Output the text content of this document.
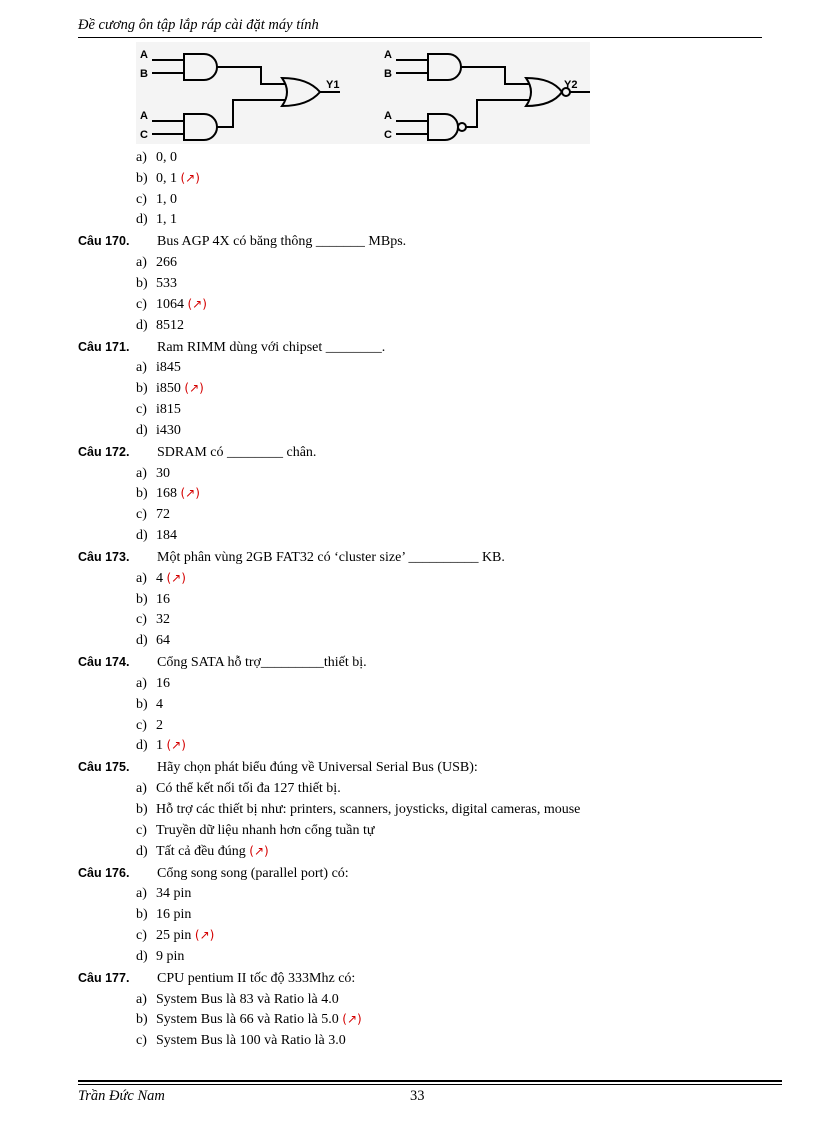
Đề cương ôn tập lắp ráp cài đặt máy tính
A
B
A
C
Y1
A
B
A
C
Y2
a) 0, 0
b) 0, 1 (↗)
c) 1, 0
d) 1, 1
Câu 170. Bus AGP 4X có băng thông _______ MBps.
a) 266
b) 533
c) 1064 (↗)
d) 8512
Câu 171. Ram RIMM dùng với chipset ________.
a) i845
b) i850 (↗)
c) i815
d) i430
Câu 172. SDRAM có ________ chân.
a) 30
b) 168 (↗)
c) 72
d) 184
Câu 173. Một phân vùng 2GB FAT32 có ‘cluster size’ __________ KB.
a) 4 (↗)
b) 16
c) 32
d) 64
Câu 174. Cổng SATA hỗ trợ_________thiết bị.
a) 16
b) 4
c) 2
d) 1 (↗)
Câu 175. Hãy chọn phát biểu đúng về Universal Serial Bus (USB):
a) Có thể kết nối tối đa 127 thiết bị.
b) Hỗ trợ các thiết bị như: printers, scanners, joysticks, digital cameras, mouse
c) Truyền dữ liệu nhanh hơn cổng tuần tự
d) Tất cả đều đúng (↗)
Câu 176. Cổng song song (parallel port) có:
a) 34 pin
b) 16 pin
c) 25 pin (↗)
d) 9 pin
Câu 177. CPU pentium II tốc độ 333Mhz có:
a) System Bus là 83 và Ratio là 4.0
b) System Bus là 66 và Ratio là 5.0 (↗)
c) System Bus là 100 và Ratio là 3.0
Trần Đức Nam	33
